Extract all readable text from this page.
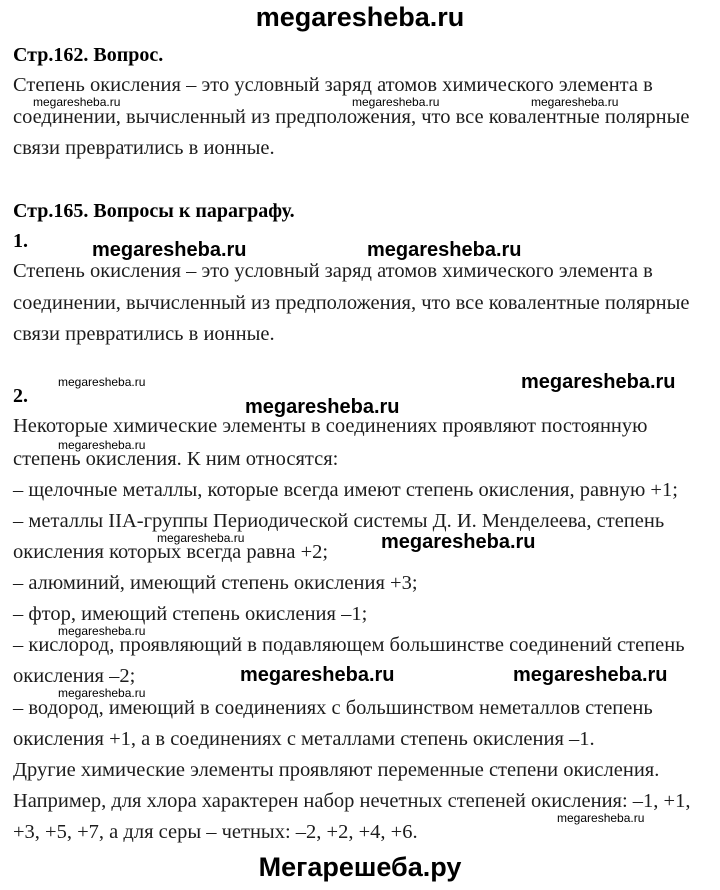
megaresheba.ru
Стр.162. Вопрос.
Степень окисления – это условный заряд атомов химического элемента в
соединении, вычисленный из предположения, что все ковалентные полярные
связи превратились в ионные.
Стр.165. Вопросы к параграфу.
1.
Степень окисления – это условный заряд атомов химического элемента в
соединении, вычисленный из предположения, что все ковалентные полярные
связи превратились в ионные.
2.
Некоторые химические элементы в соединениях проявляют постоянную
степень окисления. К ним относятся:
– щелочные металлы, которые всегда имеют степень окисления, равную +1;
– металлы IIA-группы Периодической системы Д. И. Менделеева, степень
окисления которых всегда равна +2;
– алюминий, имеющий степень окисления +3;
– фтор, имеющий степень окисления –1;
– кислород, проявляющий в подавляющем большинстве соединений степень
окисления –2;
– водород, имеющий в соединениях с большинством неметаллов степень
окисления +1, а в соединениях с металлами степень окисления –1.
Другие химические элементы проявляют переменные степени окисления.
Например, для хлора характерен набор нечетных степеней окисления: –1, +1,
+3, +5, +7, а для серы – четных: –2, +2, +4, +6.
megaresheba.ru	megaresheba.ru	megaresheba.ru
megaresheba.ru
megaresheba.ru
megaresheba.ru
megaresheba.ru
megaresheba.ru
megaresheba.ru
megaresheba.ru	megaresheba.ru
megaresheba.ru
megaresheba.ru
megaresheba.ru
megaresheba.ru	megaresheba.ru
Мегарешеба.ру
